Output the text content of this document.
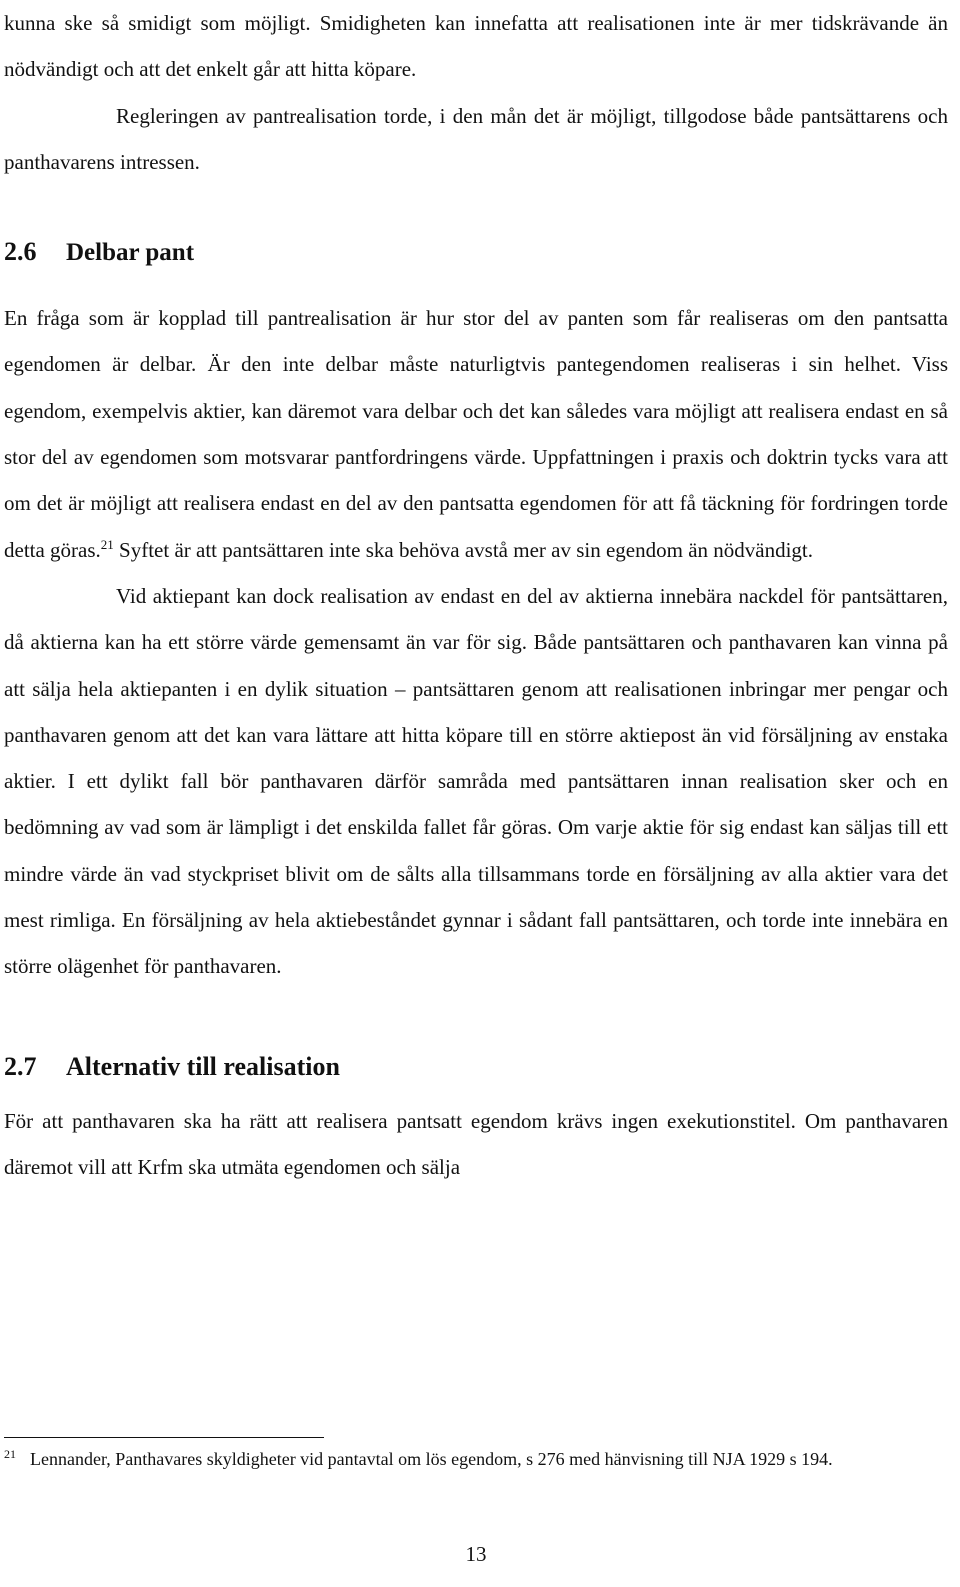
kunna ske så smidigt som möjligt. Smidigheten kan innefatta att realisationen inte är mer tidskrävande än nödvändigt och att det enkelt går att hitta köpare.

Regleringen av pantrealisation torde, i den mån det är möjligt, tillgodose både pantsättarens och panthavarens intressen.

2.6	Delbar pant

En fråga som är kopplad till pantrealisation är hur stor del av panten som får realiseras om den pantsatta egendomen är delbar. Är den inte delbar måste naturligtvis pantegendomen realiseras i sin helhet. Viss egendom, exempelvis aktier, kan däremot vara delbar och det kan således vara möjligt att realisera endast en så stor del av egendomen som motsvarar pantfordringens värde. Uppfattningen i praxis och doktrin tycks vara att om det är möjligt att realisera endast en del av den pantsatta egendomen för att få täckning för fordringen torde detta göras.$^{21}$ Syftet är att pantsättaren inte ska behöva avstå mer av sin egendom än nödvändigt.

Vid aktiepant kan dock realisation av endast en del av aktierna innebära nackdel för pantsättaren, då aktierna kan ha ett större värde gemensamt än var för sig. Både pantsättaren och panthavaren kan vinna på att sälja hela aktiepanten i en dylik situation – pantsättaren genom att realisationen inbringar mer pengar och panthavaren genom att det kan vara lättare att hitta köpare till en större aktiepost än vid försäljning av enstaka aktier. I ett dylikt fall bör panthavaren därför samråda med pantsättaren innan realisation sker och en bedömning av vad som är lämpligt i det enskilda fallet får göras. Om varje aktie för sig endast kan säljas till ett mindre värde än vad styckpriset blivit om de sålts alla tillsammans torde en försäljning av alla aktier vara det mest rimliga. En försäljning av hela aktiebeståndet gynnar i sådant fall pantsättaren, och torde inte innebära en större olägenhet för panthavaren.

2.7	Alternativ till realisation

För att panthavaren ska ha rätt att realisera pantsatt egendom krävs ingen exekutionstitel. Om panthavaren däremot vill att Krfm ska utmäta egendomen och sälja

$^{21}$ Lennander, Panthavares skyldigheter vid pantavtal om lös egendom, s 276 med hänvisning till NJA 1929 s 194.

13
